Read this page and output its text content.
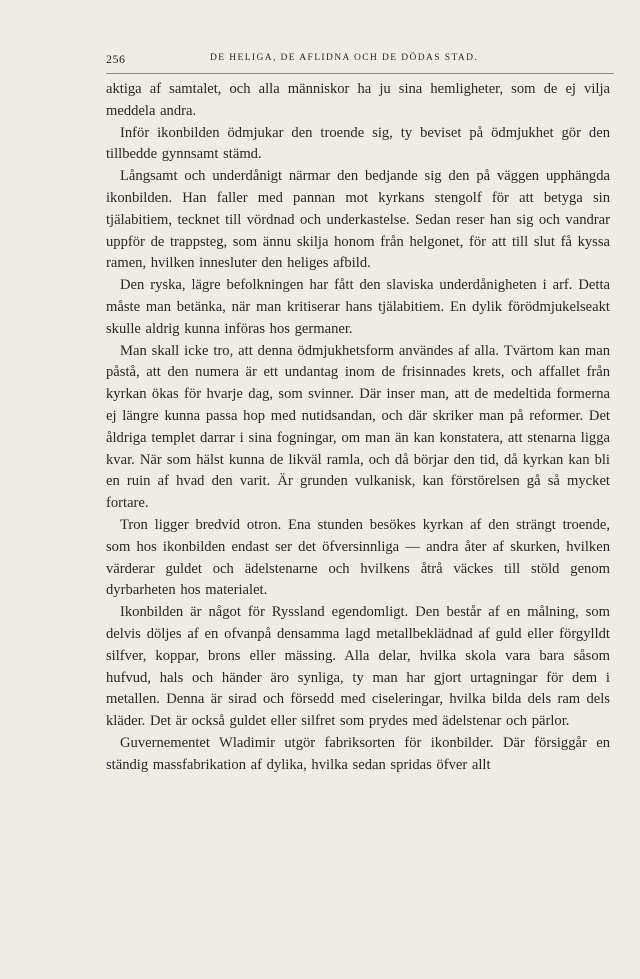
256	DE HELIGA, DE AFLIDNA OCH DE DÖDAS STAD.

aktiga af samtalet, och alla människor ha ju sina hemligheter, som de ej vilja meddela andra.

Inför ikonbilden ödmjukar den troende sig, ty beviset på ödmjukhet gör den tillbedde gynnsamt stämd.

Långsamt och underdånigt närmar den bedjande sig den på väggen upphängda ikonbilden. Han faller med pannan mot kyrkans stengolf för att betyga sin tjälabitiem, tecknet till vördnad och underkastelse. Sedan reser han sig och vandrar uppför de trappsteg, som ännu skilja honom från helgonet, för att till slut få kyssa ramen, hvilken innesluter den heliges afbild.

Den ryska, lägre befolkningen har fått den slaviska underdånigheten i arf. Detta måste man betänka, när man kritiserar hans tjälabitiem. En dylik förödmjukelseakt skulle aldrig kunna införas hos germaner.

Man skall icke tro, att denna ödmjukhetsform användes af alla. Tvärtom kan man påstå, att den numera är ett undantag inom de frisinnades krets, och affallet från kyrkan ökas för hvarje dag, som svinner. Där inser man, att de medeltida formerna ej längre kunna passa hop med nutidsandan, och där skriker man på reformer. Det åldriga templet darrar i sina fogningar, om man än kan konstatera, att stenarna ligga kvar. När som hälst kunna de likväl ramla, och då börjar den tid, då kyrkan kan bli en ruin af hvad den varit. Är grunden vulkanisk, kan förstörelsen gå så mycket fortare.

Tron ligger bredvid otron. Ena stunden besökes kyrkan af den strängt troende, som hos ikonbilden endast ser det öfversinnliga — andra åter af skurken, hvilken värderar guldet och ädelstenarne och hvilkens åtrå väckes till stöld genom dyrbarheten hos materialet.

Ikonbilden är något för Ryssland egendomligt. Den består af en målning, som delvis döljes af en ofvanpå densamma lagd metallbeklädnad af guld eller förgylldt silfver, koppar, brons eller mässing. Alla delar, hvilka skola vara bara såsom hufvud, hals och händer äro synliga, ty man har gjort urtagningar för dem i metallen. Denna är sirad och försedd med ciseleringar, hvilka bilda dels ram dels kläder. Det är också guldet eller silfret som prydes med ädelstenar och pärlor.

Guvernementet Wladimir utgör fabriksorten för ikonbilder. Där försiggår en ständig massfabrikation af dylika, hvilka sedan spridas öfver allt
